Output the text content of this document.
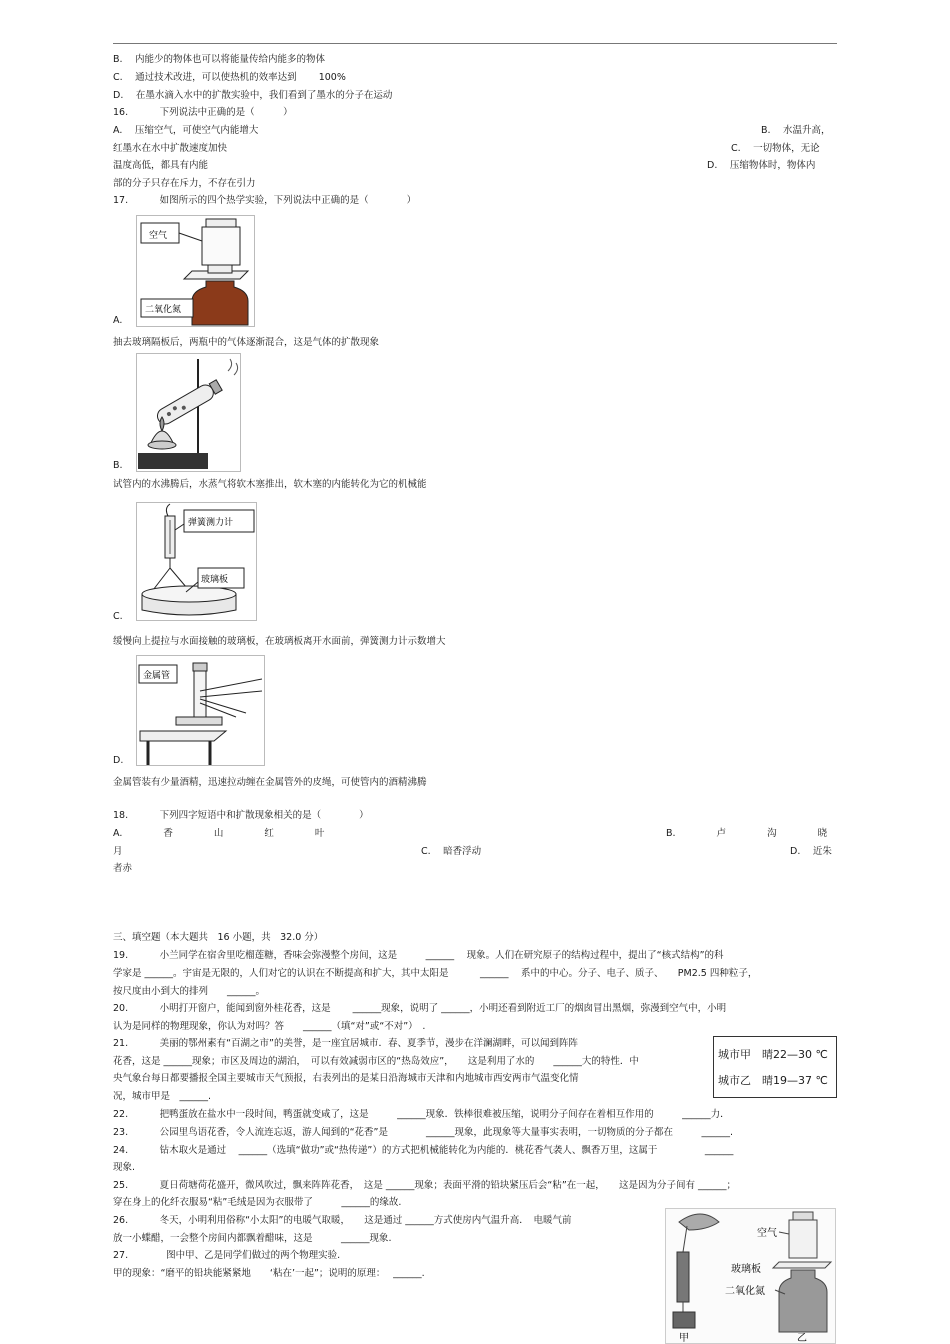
B.　 内能少的物体也可以将能量传给内能多的物体
C.　 通过技术改进，可以使热机的效率达到　　 100%
D.　 在墨水滴入水中的扩散实验中，我们看到了墨水的分子在运动
16.　　　 下列说法中正确的是（　　　）
A.　 压缩空气，可使空气内能增大	B.　 水温升高，
红墨水在水中扩散速度加快	C.　 一切物体，无论
温度高低，都具有内能	D.　 压缩物体时，物体内
部的分子只存在斥力，不存在引力
17.　　　 如图所示的四个热学实验，下列说法中正确的是（　　　　）
空气
二氧化氮
A.
抽去玻璃隔板后，两瓶中的气体逐渐混合，这是气体的扩散现象
B.
试管内的水沸腾后，水蒸气将软木塞推出，软木塞的内能转化为它的机械能
弹簧测力计
玻璃板
C.
缓慢向上提拉与水面接触的玻璃板，在玻璃板离开水面前，弹簧测力计示数增大
金属管
D.
金属管装有少量酒精，迅速拉动缠在金属管外的皮绳，可使管内的酒精沸腾
18.　　　 下列四字短语中和扩散现象相关的是（　　　　）
A.　　　　 香　　　　 山　　　　 红　　　　 叶	B.　　　　 卢　　　　 沟　　　　 晓
月	C.　 暗香浮动	D.　 近朱
者赤
三、填空题（本大题共　16 小题，共　32.0 分）
19.　　　 小兰同学在宿舍里吃榴莲糖，香味会弥漫整个房间，这是　　　______　 现象。人们在研究原子的结构过程中，提出了“核式结构”的科
学家是 ______。宇宙是无限的，人们对它的认识在不断提高和扩大，其中太阳是　　　 ______　 系中的中心。分子、电子、质子、　　PM2.5 四种粒子，
按尺度由小到大的排列　　______。
20.　　　 小明打开窗户，能闻到窗外桂花香，这是　　 ______现象，说明了 ______，小明还看到附近工厂的烟囱冒出黑烟，弥漫到空气中，小明
认为是同样的物理现象，你认为对吗？答　　______（填“对”或“不对”）　.
21.　　　 美丽的鄂州素有“百湖之市”的美誉，是一座宜居城市．春、夏季节，漫步在洋澜湖畔，可以闻到阵阵
花香，这是 ______现象；市区及周边的湖泊，　可以有效减弱市区的“热岛效应”，　　这是利用了水的　　______大的特性．中
央气象台每日都要播报全国主要城市天气预报，右表列出的是某日沿海城市天津和内地城市西安两市气温变化情
况，城市甲是　______.
城市甲　晴22—30 ℃
城市乙　晴19—37 ℃
22.　　　 把鸭蛋放在盐水中一段时间，鸭蛋就变咸了，这是　　　______现象．铁棒很难被压缩，说明分子间存在着相互作用的　　　______力．
23.　　　 公园里鸟语花香，令人流连忘返，游人闻到的“花香”是　　　　______现象，此现象等大量事实表明，一切物质的分子都在　　　______.
24.　　　 钻木取火是通过　 ______（选填“做功”或“热传递”）的方式把机械能转化为内能的．桃花香气袭人、飘香万里，这属于　　　　　______
现象.
25.　　　 夏日荷塘荷花盛开，微风吹过，飘来阵阵花香，　这是 ______现象；表面平滑的铅块紧压后会“粘”在一起，　　这是因为分子间有 ______；
穿在身上的化纤衣服易“粘”毛绒是因为衣服带了　　　______的缘故.
26.　　　 冬天，小明利用俗称“小太阳”的电暖气取暖，　　这是通过 ______方式使房内气温升高．　电暖气前
放一小蝶醋，一会整个房间内都飘着醋味，这是　　　______现象.
27.　　　　图中甲、乙是同学们做过的两个物理实验.
甲的现象：“磨平的铅块能紧紧地　　‘粘在’一起”；说明的原理：　 ______.
甲
空气
玻璃板
二氧化氮
乙
